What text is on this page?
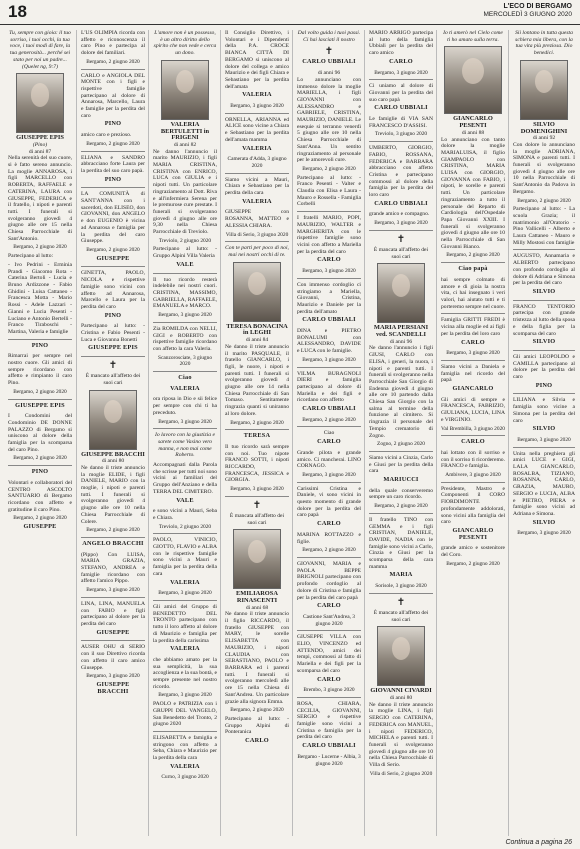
18	L'ECO DI BERGAMO
MERCOLEDÌ 3 GIUGNO 2020

Tu, sempre con gioia: il tuo sorriso, i tuoi occhi, la tua voce, i tuoi modi di fare, la tua generosità... perché sei stato per noi un padre... (Quelet ng, 9:7)

GIUSEPPE EPIS
(Pino)
di anni 87

Nella serenità del suo cuore, si è fatto sereno annuncio. La moglie ANNAROSA, i figli MARCELLO con ROBERTA, RAFFAELE e CATERINA, LAURA con GIUSEPPE, FEDERICA e il fratello, i nipoti e parenti tutti. I funerali si svolgeranno giovedì 4 giugno alle ore 15 nella Chiesa Parrocchiale di Sant'Antonio.

Bergamo, 2 giugno 2020

Partecipano al lutto:

- Ivo Pedrini - Erminia Prandi - Giacomo Rota - Caterina Bertoli - Lucia e Bruno Ardizzone - Fabio Ghidini - Luisa Cattaneo - Francesca Motta - Mario Rossi - Adele Lazzari - Gianni e Lucia Pesenti - Luciano e Antonio Bertelli - Franco Tiraboschi - Martina, Valeria e famiglie

PINO

Rimarrai per sempre nel nostro cuore. Gli amici di sempre ricordano con affetto e rimpianto il caro Pino.

Bergamo, 2 giugno 2020

GIUSEPPE EPIS

I Condomini del Condominio DE DONNE PALAZZO di Bergamo si uniscono al dolore della famiglia per la scomparsa del caro Pino.

Bergamo, 2 giugno 2020

PINO

Volontari e collaboratori del CENTRO ASCOLTO SANTUARIO di Bergamo ricordano con affetto e gratitudine il caro Pino.

Bergamo, 2 giugno 2020

GIUSEPPE

L'US OLIMPIA ricorda con affetto e riconoscenza il caro Pino e partecipa al dolore dei familiari.

Bergamo, 2 giugno 2020

CARLO e ANGIOLA DEL MONTE con i figli e rispettive famiglie partecipano al dolore di Annarosa, Marcello, Laura e famiglie per la perdita del caro

PINO

amico caro e prezioso.

Bergamo, 2 giugno 2020

ELIANA e SANDRO abbracciano forte Laura per la perdita del suo caro papà.

PINO

LA COMUNITÀ di SANT'ANNA con i sacerdoti, don ELISEO, don GIOVANNI, don ANGELO e don EUGENIO è vicina ad Annarosa e famiglia per la perdita del caro Giuseppe.

Bergamo, 2 giugno 2020

GIUSEPPE

GINETTA, PAOLO, NICOLA e rispettive famiglie sono vicini con affetto ad Annarosa, Marcello e Laura per la perdita del caro

PINO

Partecipano al lutto: - Cristina e Fabio Pesenti - Luca e Giovanna Bonetti

GIUSEPPE EPIS
✝

È mancato all'affetto dei suoi cari

GIUSEPPE BRACCHI
di anni 80

Ne danno il triste annuncio la moglie ELIDE, i figli DANIELE, MARIO con la moglie, i nipoti e parenti tutti. I funerali si svolgeranno giovedì 4 giugno alle ore 10 nella Chiesa Parrocchiale di Colere.

Bergamo, 2 giugno 2020

ANGELO BRACCHI

(Pippo) Con LUISA, MARIA GRAZIA, STEFANO, ANDREA e famiglie ricordano con affetto l'amico Pippo.

Bergamo, 3 giugno 2020

LINA, LINA, MANUELA con FABIO e figli partecipano al dolore per la perdita del caro

GIUSEPPE

AUSER OHU di SERIO con il suo Direttivo ricorda con affetto il caro amico Giuseppe.

Bergamo, 3 giugno 2020

GIUSEPPE BRACCHI

L'amore non è un possesso, è un altro diritto dello spirito che non vede e cerca un dono.

VALERIA BERTULETTI in FRIGENI
di anni 82

Ne danno l'annuncio il marito MAURIZIO, i figli MARIA CRISTINA, CRISTINA con ENRICO, LUCA con GIULIA e i nipoti tutti. Un particolare ringraziamento al Dott. Riva e all'infermiera Serena per le premurose cure prestate. I funerali si svolgeranno giovedì 4 giugno alle ore 9,30 nella Chiesa Parrocchiale di Treviolo.

Treviolo, 2 giugno 2020

Partecipano al lutto: - Gruppo Alpini Villa Valeria

VALE

Il tuo ricordo resterà indelebile nei nostri cuori. CRISTINA, MASSIMO, GABRIELLA, RAFFAELE, EMANUELA e MARCO.

Bergamo, 3 giugno 2020

Zia ROMILDA con NELLI, GIGI e ROBERTO con rispettive famiglie ricordano con affetto la cara Valeria.

Scanzorosciate, 3 giugno 2020

Ciao
VALERIA

ora riposa in Dio e sii felice per sempre con chi ti ha preceduto.

Bergamo, 3 giugno 2020

Io lavoro con la giustizia e sarete come Vasino vero manna, e non mai come Roberto.

Accompagnati dalla Parola che scrisse per tutti noi sono vicini ai familiari del Gruppo dell'Anziano e della TERRA DEL CIMITERO.

VALE

e sono vicini a Mauri, Seba e Chiara.

Treviolo, 2 giugno 2020

PAOLO, VINICIO, GIOTTO, FLAVIO e ALBA con le rispettive famiglie sono vicini a Mauri e famiglia per la perdita della cara

VALERIA

Bergamo, 3 giugno 2020

Gli amici del Gruppo di BENEDETTO DEL TRONTO partecipano con tutto il loro affetto al dolore di Maurizio e famiglia per la perdita della carissima

VALERIA

che abbiamo amato per la sua semplicità, la sua accoglienza e la sua bontà, e sempre presente nel nostro ricordo.

Bergamo, 3 giugno 2020

PAOLO e PATRIZIA con i GRUPPI DEL VANGELO, San Benedetto del Tronto, 2 giugno 2020

ELISABETTA e famiglia e stringono con affetto a Seba, Chiara e Maurizio per la perdita della cara

VALERIA

Curno, 3 giugno 2020

Il Consiglio Direttivo, i Volontari e i Dipendenti della P.A. CROCE BIANCA CITTÀ DI BERGAMO si uniscono al dolore del collega e amico Maurizio e dei figli Chiara e Sebastiano per la perdita dell'amata

VALERIA

Bergamo, 3 giugno 2020

ORNELLA, ARIANNA ed ALICE sono vicine a Chiara e Sebastiano per la perdita dell'amata mamma

VALERIA

Camerata d'Adda, 3 giugno 2020

Siamo vicini a Mauri, Chiara e Sebastiano per la perdita della cara

VALERIA

GIUSEPPE con ROSANNA, MATTEO e ALESSIA CHIARA.

Villa di Serio, 3 giugno 2020

Con te parti per poco di noi, mai nei nostri occhi di te.

TERESA BONACINA in LEGHI
di anni 84

Ne danno il triste annuncio il marito PASQUALE, il fratello GIANCARLO, i figli, le nuore, i nipoti e parenti tutti. I funerali si svolgeranno giovedì 4 giugno alle ore 14 nella Chiesa Parrocchiale di San Tomaso. Sentitamente ringrazia quanti si uniranno al loro dolore.

Bergamo, 2 giugno 2020

TERESA

Il tuo ricordo sarà sempre con noi. Tuo nipote FRANCO SOTTI, i nipoti RICCARDO, FRANCESCA, JESSICA e GIORGIA.

Bergamo, 3 giugno 2020

✝

È mancata all'affetto dei suoi cari

EMILIAROSA RINASCENTI
di anni 68

Ne danno il triste annuncio il figlio RICCARDO, il fratello GIUSEPPE con MARY, le sorelle ELISABETTA con MAURIZIO, i nipoti CLAUDIA con SEBASTIANO, PAOLO e BARBARA ed i parenti tutti. I funerali si svolgeranno mercoledì alle ore 15 nella Chiesa di Sant'Andrea. Un particolare grazie alla signora Emma.

Bergamo, 2 giugno 2020

Partecipano al lutto: - Gruppo Alpini di Ponteranica

CARLO

Dal volto guida i tuoi passi. Ci hai lasciati il nostro

✝
CARLO UBBIALI
di anni 96

Lo annunciano con immenso dolore la moglie MARIELLA, i figli GIOVANNI con ALESSANDRO e GABRIELE, CRISTINA, MAURIZIO, DANIELE. Le esequie si terranno venerdì 5 giugno alle ore 10 nella Chiesa Parrocchiale di Sant'Anna. Un sentito ringraziamento al personale per le amorevoli cure.

Bergamo, 2 giugno 2020

Partecipano al lutto: - Franco Pesenti - Valter e Claudia con Elisa e Laura - Mauro e Rossella - Famiglia Corbelli

I fratelli MARIO, POPI, MAURIZIO, WALTER e MARGHERITA con le rispettive famiglie sono vicini con affetto a Mariella per la perdita del caro

CARLO

Bergamo, 3 giugno 2020

Con immenso cordoglio ci stringiamo a Mariella, Giovanni, Cristina, Maurizio e Daniele per la perdita dell'amato

CARLO UBBIALI

DINA e PIETRO BONALUMI con ALESSANDRO, DAVIDE e LUCA con le famiglie.

Bergamo, 3 giugno 2020

VILMA BURAGNOLI DIERI e famiglia partecipano al dolore di Mariella e dei figli e ricordano con affetto

CARLO UBBIALI

Bergamo, 2 giugno 2020

Ciao

CARLO

Grande pilota e grande amico. Ci mancherai. LINO CORNAGO.

Bergamo, 3 giugno 2020

Carissimi Cristina e Daniele, vi sono vicini in questo momento di grande dolore per la perdita del caro papà

CARLO

MARINA ROTTAZZO e figlie.

Bergamo, 2 giugno 2020

GIOVANNI, MARIA e PAOLA BEPPE BRIGNOLI partecipano con profondo cordoglio al dolore di Cristina e famiglia per la perdita del caro papà

CARLO

Castione Sant'Andrea, 3 giugno 2020

GIUSEPPE VILLA con ELIO, VINCENZO ed ATTENDO, amici dei tempi, commossi al fatto di Mariella e dei figli per la scomparsa del caro

CARLO

Brembo, 3 giugno 2020

ROSA, CHIARA, CECILIA, GIOVANNI, SERGIO e rispettive famiglie sono vicini a Cristina e famiglia per la perdita del caro

CARLO UBBIALI

Bergamo - Lucerne - Albia, 3 giugno 2020

MARIO ARRIGO partecipa al lutto della famiglia Ubbiali per la perdita del caro amico

CARLO

Bergamo, 3 giugno 2020

Ci uniamo al dolore di Giovanni per la perdita del suo caro papà

CARLO UBBIALI

Le famiglie di VIA SAN FRANCESCO D'ASSISI.

Treviolo, 3 giugno 2020

UMBERTO, GIORGIO, FABIO, ROSSANA, FEDERICA e BARBARA abbracciano con affetto Cristina e partecipano commossi al dolore della famiglia per la perdita del loro caro

CARLO UBBIALI

grande amico e compagno.

Bergamo, 3 giugno 2020

✝

È mancata all'affetto dei suoi cari

MARIA PERSIANI ved. SCANDELLI
di anni 96

Ne danno l'annuncio i figli GIUSI, CARLO con ELISA, i generi, la nuora, i nipoti e parenti tutti. I funerali si svolgeranno nella Parrocchiale San Giorgio di Endenna giovedì 4 giugno alle ore 10 partendo dalla Chiesa San Giorgio con la salma al termine della funzione al cimitero. Si ringrazia il personale del Tempio crematorio di Zogno.

Zogno, 2 giugno 2020

Siamo vicini a Cinzia, Carlo e Giusi per la perdita della cara

MARIUCCI

della quale conserveremo sempre un caro ricordo.

Bergamo, 2 giugno 2020

Il fratello TINO con GEMMA e i figli CRISTIAN, DANIELE, DAVIDE, NADIA con le famiglie sono vicini a Carlo, Cinzia e Giusi per la scomparsa della cara mamma

MARIA

Sorisole, 3 giugno 2020

✝

È mancato all'affetto dei suoi cari

GIOVANNI CIVARDI
di anni 80

Ne danno il triste annuncio la moglie LINA, i figli SERGIO con CATERINA, FEDERICA con MANUEL, i nipoti FEDERICO, MICHELA e parenti tutti. I funerali si svolgeranno giovedì 4 giugno alle ore 10 nella Chiesa Parrocchiale di Villa di Serio.

Villa di Serio, 2 giugno 2020

Io ti amerò nel Cielo come ti ho amato sulla terra.

GIANCARLO PESENTI
di anni 88

Lo annunciano con tanto dolore la moglie MARIALUISA, il figlio GIAMPAOLO con CRISTINA, MARIA LUISA con GIORGIO, GIOVANNA con FABIO, i nipoti, le sorelle e parenti tutti. Un particolare ringraziamento a tutto il personale del Reparto di Cardiologia dell'Ospedale Papa Giovanni XXIII. I funerali si svolgeranno giovedì 4 giugno alle ore 10 nella Parrocchiale di San Giovanni Bianco.

Bergamo, 2 giugno 2020

Ciao papà

hai sempre colmato di amore e di gioia la nostra vita, ci hai insegnato i veri valori, hai aiutato tutti e ti porteremo sempre nel cuore.

Famiglia GRITTI FREDI è vicina alla moglie ed ai figli per la perdita del loro caro

CARLO

Bergamo, 3 giugno 2020

Siamo vicini a Daniela e famiglia nel ricordo del papà

GIANCARLO

Gli amici di sempre e FRANCESCA, FABRIZIO, GIULIANA, LUCIA, LINA e VIRGINIO.

Val Brembilla, 3 giugno 2020

CARLO

hai lottato con il sorriso e con il sorriso ti ricorderemo. FRANCO e famiglia.

Ambivere, 3 giugno 2020

Presidente, Mastro e Componenti il CORO FIORDIMONTE profondamente addolorati, sono vicini alla famiglia del caro

GIANCARLO PESENTI

grande amico e sostenitore del Coro.

Bergamo, 2 giugno 2020

Sii lontano in tutta questa schiera mia libera, con la tua vita più preziosa. Dio benedici.

SILVIO DOMENIGHINI
di anni 92

Con dolore lo annunciano la moglie ADRIANA, SIMONA e parenti tutti. I funerali si svolgeranno giovedì 4 giugno alle ore 10 nella Parrocchiale di Sant'Antonio da Padova in Bergamo.

Bergamo, 2 giugno 2020

Partecipano al lutto: - La scuola Grazia; il matrimonio all'Oratorio - Pino Vallicelli - Alberto e Laura Cattaneo - Mauro e Milly Mostosi con famiglie

AUGUSTO, Annamaria e ALBERTO partecipano con profondo cordoglio al dolore di Adriana e Simona per la perdita del caro

SILVIO

FRANCO TENTORIO partecipa con grande tristezza al lutto della sposa e della figlia per la scomparsa del caro

SILVIO

Gli amici LEOPOLDO e CAMILLA partecipano al dolore per la perdita del caro

PINO

LILIANA e Silvia e famiglia sono vicine a Simona per la perdita del caro

SILVIO

Bergamo, 3 giugno 2020

Unita nella preghiera gli amici LUCE e GIGI, LALA GIANCARLO, ROSALBA, TIZIANO, ROSANNA, CARLO, GRAZIA, MAURO, SERGIO e LUCIA, ALBA e PIETRO, PIERA e famiglie sono vicini ad Adriana e Simona.

SILVIO

Bergamo, 3 giugno 2020

Continua a pagina 26
